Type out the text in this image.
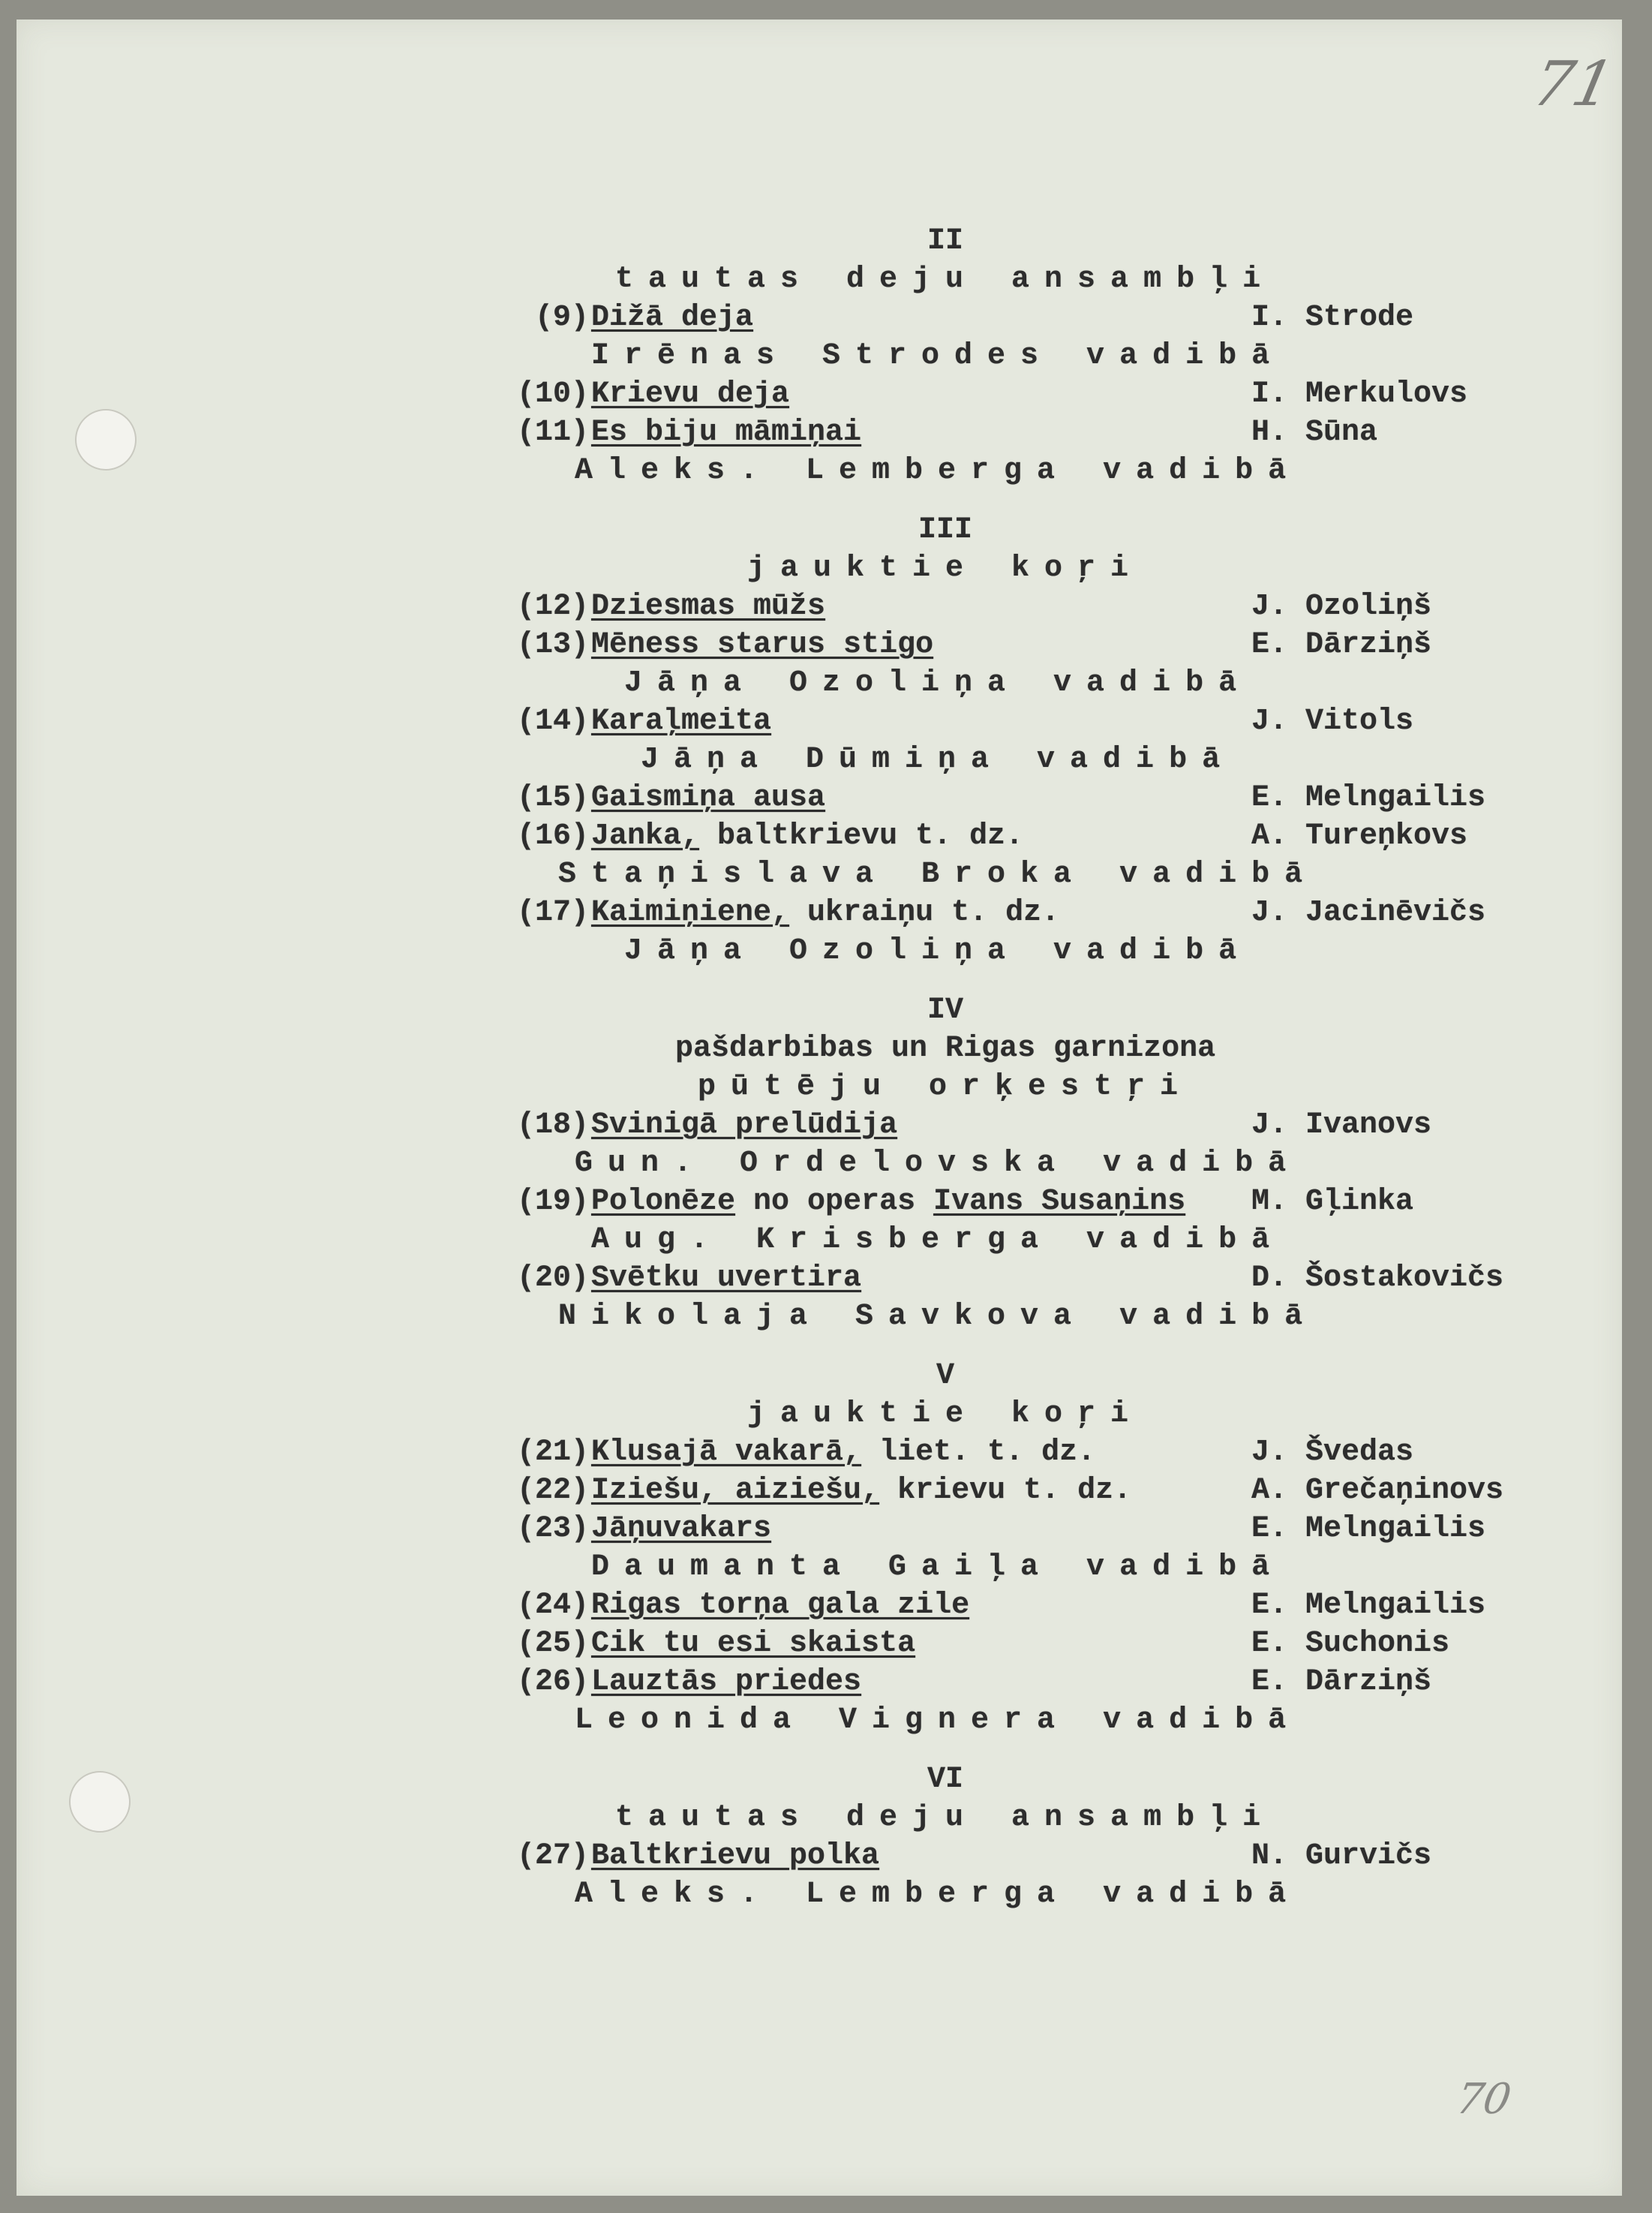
71
70
II
tautas deju ansambļi
(9) Dižā deja	I. Strode
Irēnas Strodes vadibā
(10) Krievu deja	I. Merkulovs
(11) Es biju māmiņai	H. Sūna
Aleks. Lemberga vadibā
III
jauktie koŗi
(12) Dziesmas mūžs	J. Ozoliņš
(13) Mēness starus stigo	E. Dārziņš
Jāņa Ozoliņa vadibā
(14) Karaļmeita	J. Vitols
Jāņa Dūmiņa vadibā
(15) Gaismiņa ausa	E. Melngailis
(16) Janka, baltkrievu t. dz.	A. Tureņkovs
Staņislava Broka vadibā
(17) Kaimiņiene, ukraiņu t. dz.	J. Jacinēvičs
Jāņa Ozoliņa vadibā
IV
pašdarbibas un Rigas garnizona
pūtēju orķestŗi
(18) Svinigā prelūdija	J. Ivanovs
Gun. Ordelovska vadibā
(19) Polonēze no operas Ivans Susaņins M. Gļinka
Aug. Krisberga vadibā
(20) Svētku uvertira	D. Šostakovičs
Nikolaja Savkova vadibā
V
jauktie koŗi
(21) Klusajā vakarā, liet. t. dz.	J. Švedas
(22) Iziešu, aiziešu, krievu t. dz.	A. Grečaņinovs
(23) Jāņuvakars	E. Melngailis
Daumanta Gaiļa vadibā
(24) Rigas torņa gala zile	E. Melngailis
(25) Cik tu esi skaista	E. Suchonis
(26) Lauztās priedes	E. Dārziņš
Leonida Vignera vadibā
VI
tautas deju ansambļi
(27) Baltkrievu polka	N. Gurvičs
Aleks. Lemberga vadibā
